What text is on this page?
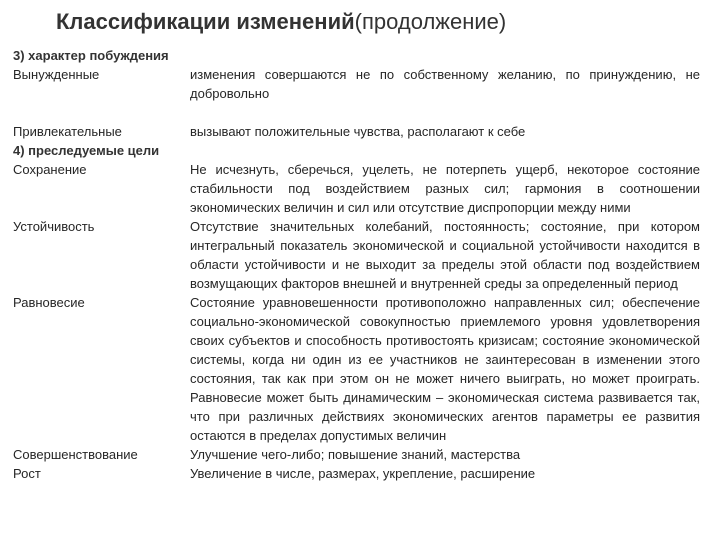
Классификации изменений(продолжение)
3) характер побуждения
Вынужденные	изменения совершаются не по собственному желанию, по принуждению, не добровольно
Привлекательные	вызывают положительные чувства, располагают к себе
4) преследуемые цели
Сохранение	Не исчезнуть, сберечься, уцелеть, не потерпеть ущерб, некоторое состояние стабильности под воздействием разных сил; гармония в соотношении экономических величин и сил или отсутствие диспропорции между ними
Устойчивость	Отсутствие значительных колебаний, постоянность; состояние, при котором интегральный показатель экономической и социальной устойчивости находится в области устойчивости и не выходит за пределы этой области под воздействием возмущающих факторов внешней и внутренней среды за определенный период
Равновесие	Состояние уравновешенности противоположно направленных сил; обеспечение социально-экономической совокупностью приемлемого уровня удовлетворения своих субъектов и способность противостоять кризисам; состояние экономической системы, когда ни один из ее участников не заинтересован в изменении этого состояния, так как при этом он не может ничего выиграть, но может проиграть. Равновесие может быть динамическим – экономическая система развивается так, что при различных действиях экономических агентов параметры ее развития остаются в пределах допустимых величин
Совершенствование	Улучшение чего-либо; повышение знаний, мастерства
Рост	Увеличение в числе, размерах, укрепление, расширение
